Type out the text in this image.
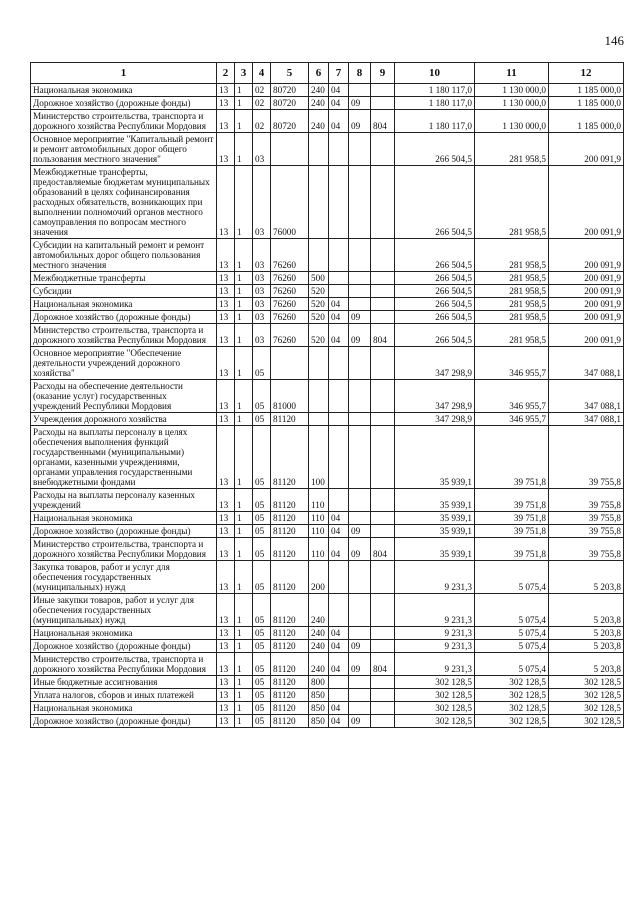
146
1	2	3	4	5	6	7	8	9	10	11	12
Национальная экономика	13	1	02	80720	240	04			1 180 117,0	1 130 000,0	1 185 000,0
Дорожное хозяйство (дорожные фонды)	13	1	02	80720	240	04	09		1 180 117,0	1 130 000,0	1 185 000,0
Министерство строительства, транспорта и дорожного хозяйства Республики Мордовия	13	1	02	80720	240	04	09	804	1 180 117,0	1 130 000,0	1 185 000,0
Основное мероприятие "Капитальный ремонт и ремонт автомобильных дорог общего пользования местного значения"	13	1	03						266 504,5	281 958,5	200 091,9
Межбюджетные трансферты, предоставляемые бюджетам муниципальных образований в целях софинансирования расходных обязательств, возникающих при выполнении полномочий органов местного самоуправления по вопросам местного значения	13	1	03	76000					266 504,5	281 958,5	200 091,9
Субсидии на капитальный ремонт и ремонт автомобильных дорог общего пользования местного значения	13	1	03	76260					266 504,5	281 958,5	200 091,9
Межбюджетные трансферты	13	1	03	76260	500				266 504,5	281 958,5	200 091,9
Субсидии	13	1	03	76260	520				266 504,5	281 958,5	200 091,9
Национальная экономика	13	1	03	76260	520	04			266 504,5	281 958,5	200 091,9
Дорожное хозяйство (дорожные фонды)	13	1	03	76260	520	04	09		266 504,5	281 958,5	200 091,9
Министерство строительства, транспорта и дорожного хозяйства Республики Мордовия	13	1	03	76260	520	04	09	804	266 504,5	281 958,5	200 091,9
Основное мероприятие "Обеспечение деятельности учреждений дорожного хозяйства"	13	1	05						347 298,9	346 955,7	347 088,1
Расходы на обеспечение деятельности (оказание услуг) государственных учреждений Республики Мордовия	13	1	05	81000					347 298,9	346 955,7	347 088,1
Учреждения дорожного хозяйства	13	1	05	81120					347 298,9	346 955,7	347 088,1
Расходы на выплаты персоналу в целях обеспечения выполнения функций государственными (муниципальными) органами, казенными учреждениями, органами управления государственными внебюджетными фондами	13	1	05	81120	100				35 939,1	39 751,8	39 755,8
Расходы на выплаты персоналу казенных учреждений	13	1	05	81120	110				35 939,1	39 751,8	39 755,8
Национальная экономика	13	1	05	81120	110	04			35 939,1	39 751,8	39 755,8
Дорожное хозяйство (дорожные фонды)	13	1	05	81120	110	04	09		35 939,1	39 751,8	39 755,8
Министерство строительства, транспорта и дорожного хозяйства Республики Мордовия	13	1	05	81120	110	04	09	804	35 939,1	39 751,8	39 755,8
Закупка товаров, работ и услуг для обеспечения государственных (муниципальных) нужд	13	1	05	81120	200				9 231,3	5 075,4	5 203,8
Иные закупки товаров, работ и услуг для обеспечения государственных (муниципальных) нужд	13	1	05	81120	240				9 231,3	5 075,4	5 203,8
Национальная экономика	13	1	05	81120	240	04			9 231,3	5 075,4	5 203,8
Дорожное хозяйство (дорожные фонды)	13	1	05	81120	240	04	09		9 231,3	5 075,4	5 203,8
Министерство строительства, транспорта и дорожного хозяйства Республики Мордовия	13	1	05	81120	240	04	09	804	9 231,3	5 075,4	5 203,8
Иные бюджетные ассигнования	13	1	05	81120	800				302 128,5	302 128,5	302 128,5
Уплата налогов, сборов и иных платежей	13	1	05	81120	850				302 128,5	302 128,5	302 128,5
Национальная экономика	13	1	05	81120	850	04			302 128,5	302 128,5	302 128,5
Дорожное хозяйство (дорожные фонды)	13	1	05	81120	850	04	09		302 128,5	302 128,5	302 128,5
